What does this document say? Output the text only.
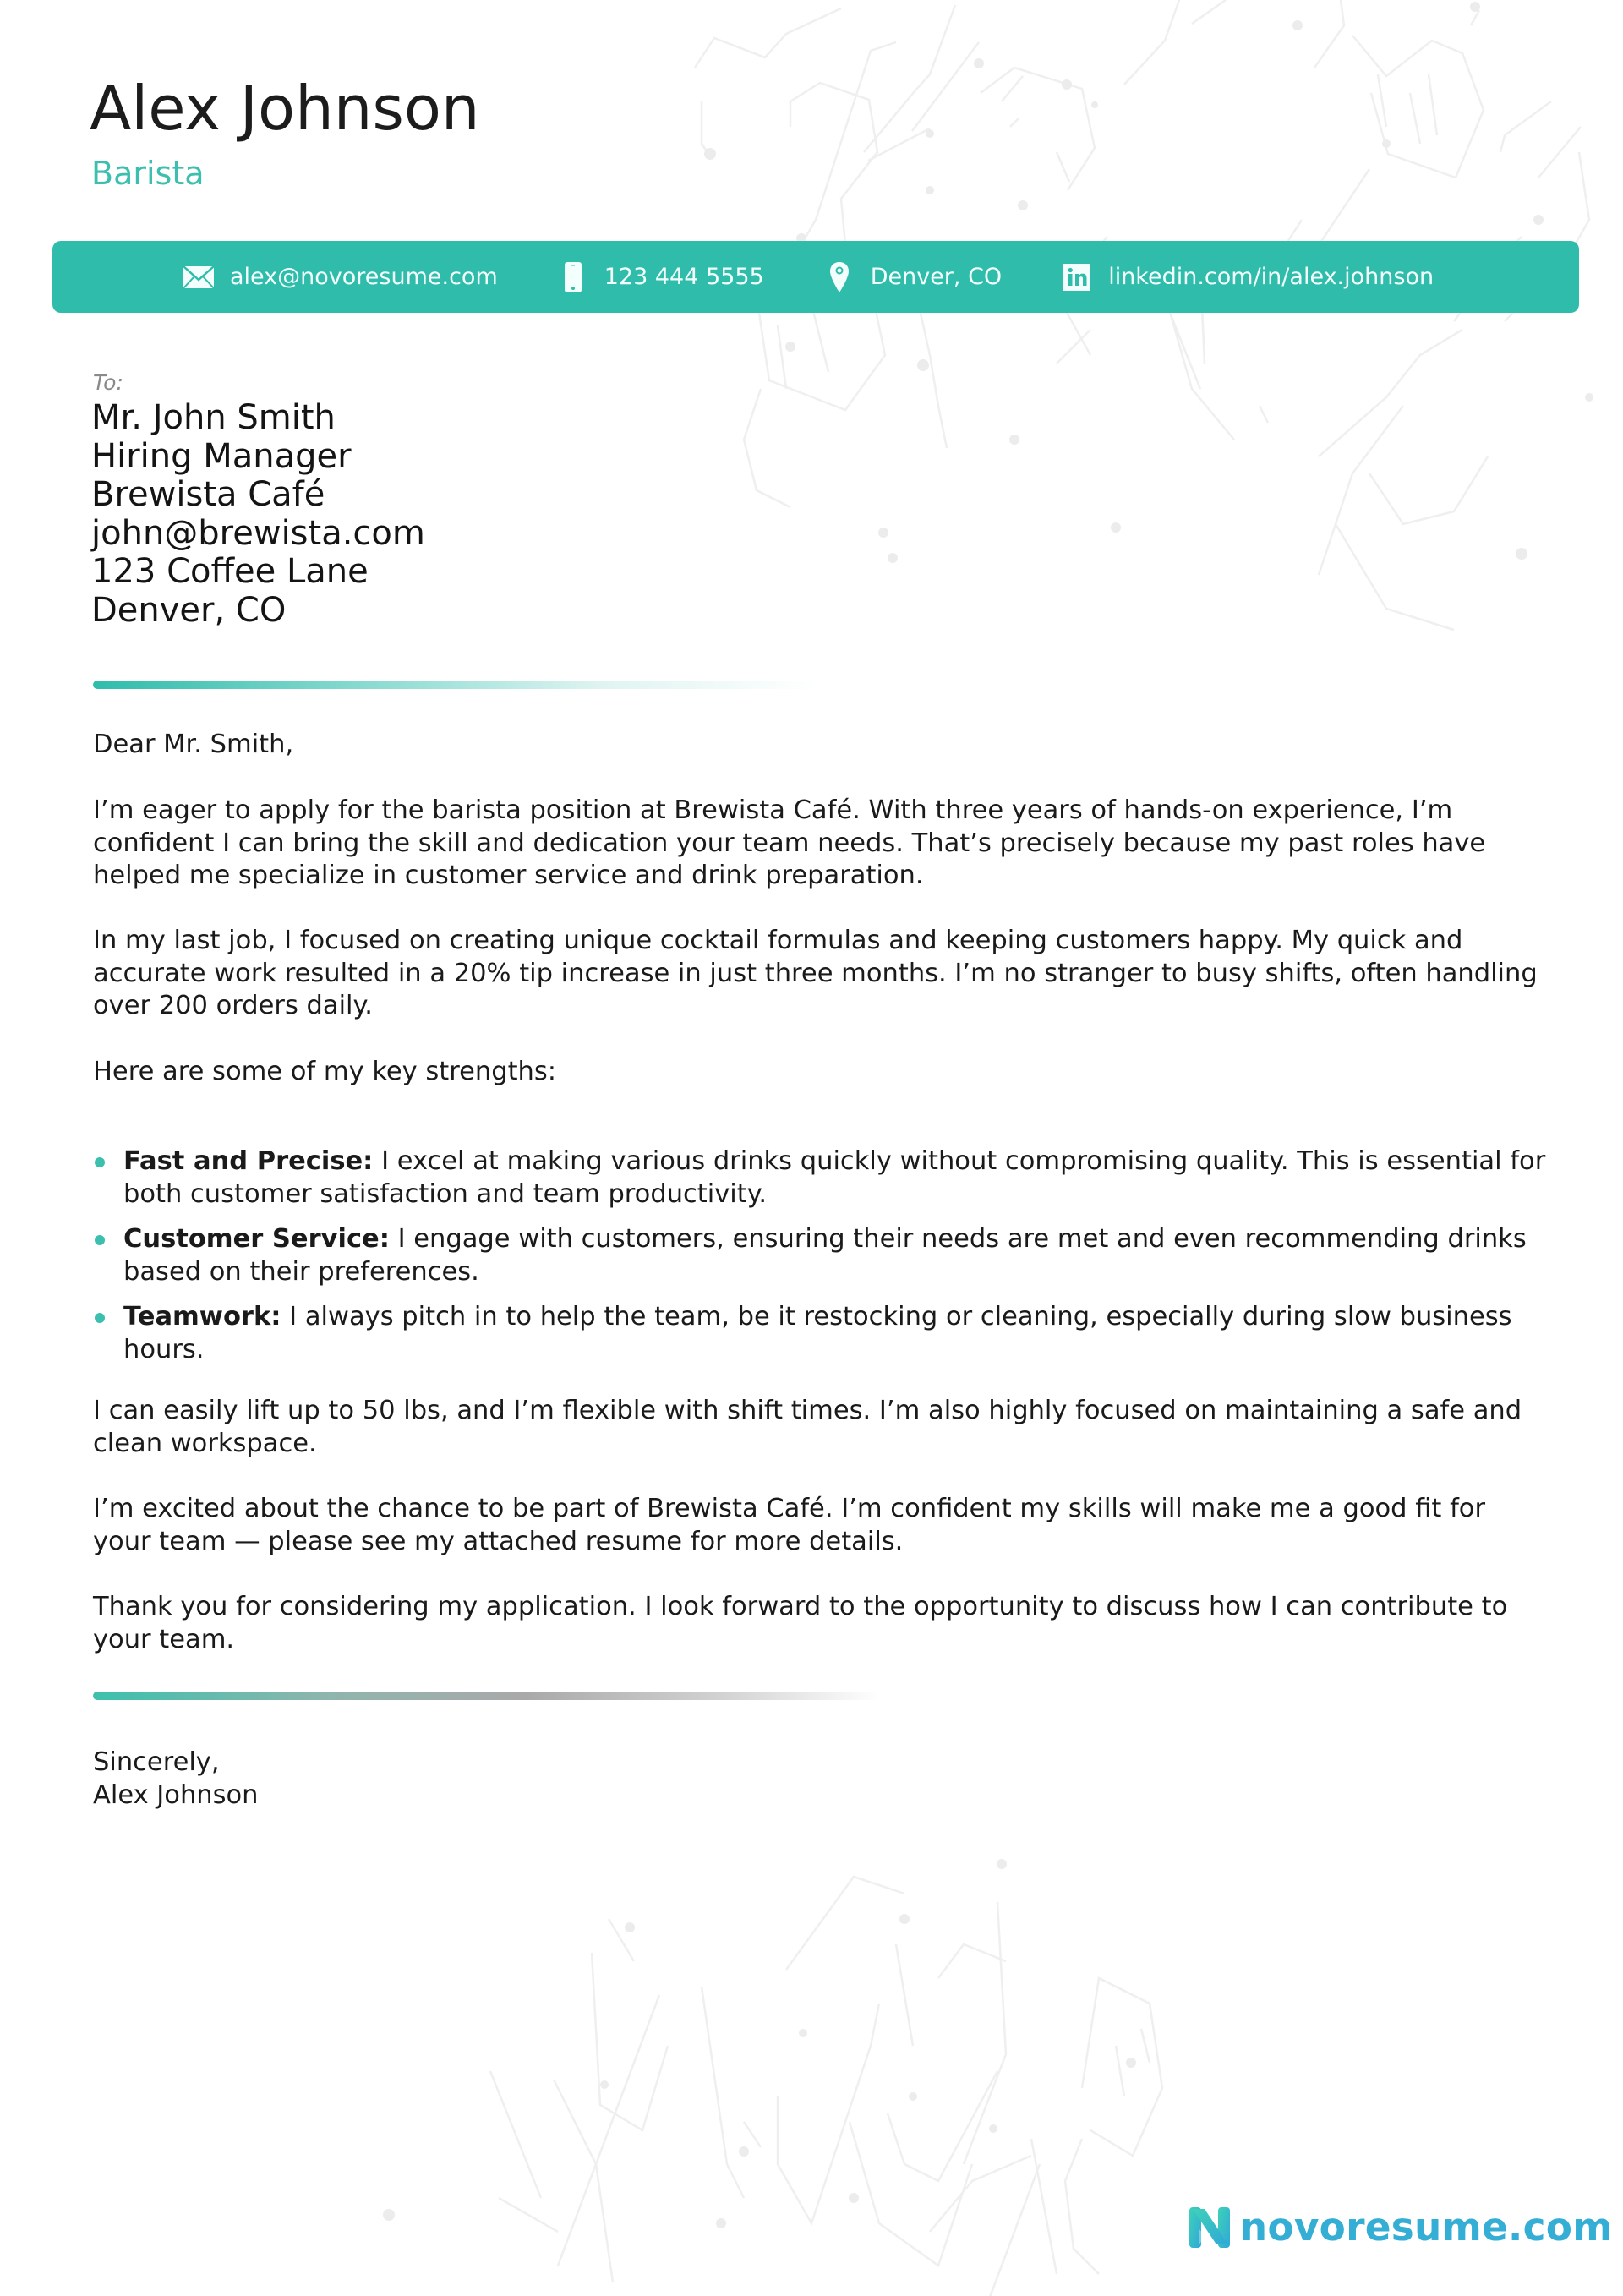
Alex Johnson
Barista
alex@novoresume.com	123 444 5555	Denver, CO	linkedin.com/in/alex.johnson
To:
Mr. John Smith
Hiring Manager
Brewista Café
john@brewista.com
123 Coffee Lane
Denver, CO

Dear Mr. Smith,

I’m eager to apply for the barista position at Brewista Café. With three years of hands-on experience, I’m confident I can bring the skill and dedication your team needs. That’s precisely because my past roles have helped me specialize in customer service and drink preparation.

In my last job, I focused on creating unique cocktail formulas and keeping customers happy. My quick and accurate work resulted in a 20% tip increase in just three months. I’m no stranger to busy shifts, often handling over 200 orders daily.

Here are some of my key strengths:

Fast and Precise: I excel at making various drinks quickly without compromising quality. This is essential for both customer satisfaction and team productivity.
Customer Service: I engage with customers, ensuring their needs are met and even recommending drinks based on their preferences.
Teamwork: I always pitch in to help the team, be it restocking or cleaning, especially during slow business hours.

I can easily lift up to 50 lbs, and I’m flexible with shift times. I’m also highly focused on maintaining a safe and clean workspace.

I’m excited about the chance to be part of Brewista Café. I’m confident my skills will make me a good fit for your team — please see my attached resume for more details.

Thank you for considering my application. I look forward to the opportunity to discuss how I can contribute to your team.

Sincerely,
Alex Johnson
novoresume.com
